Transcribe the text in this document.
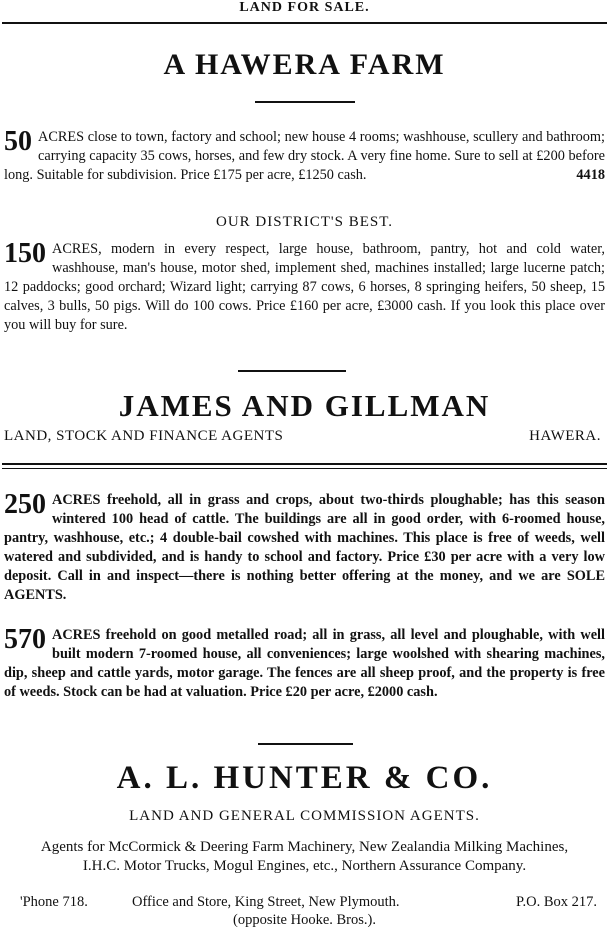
LAND FOR SALE.
A HAWERA FARM
50 ACRES close to town, factory and school; new house 4 rooms; washhouse, scullery and bathroom; carrying capacity 35 cows, horses, and few dry stock. A very fine home. Sure to sell at £200 before long. Suitable for subdivision. Price £175 per acre, £1250 cash.	4418
OUR DISTRICT'S BEST.
150 ACRES, modern in every respect, large house, bathroom, pantry, hot and cold water, washhouse, man's house, motor shed, implement shed, machines installed; large lucerne patch; 12 paddocks; good orchard; Wizard light; carrying 87 cows, 6 horses, 8 springing heifers, 50 sheep, 15 calves, 3 bulls, 50 pigs. Will do 100 cows. Price £160 per acre, £3000 cash. If you look this place over you will buy for sure.
JAMES AND GILLMAN
LAND, STOCK AND FINANCE AGENTS	HAWERA.
250 ACRES freehold, all in grass and crops, about two-thirds ploughable; has this season wintered 100 head of cattle. The buildings are all in good order, with 6-roomed house, pantry, washhouse, etc.; 4 double-bail cowshed with machines. This place is free of weeds, well watered and subdivided, and is handy to school and factory. Price £30 per acre with a very low deposit. Call in and inspect—there is nothing better offering at the money, and we are SOLE AGENTS.
570 ACRES freehold on good metalled road; all in grass, all level and ploughable, with well built modern 7-roomed house, all conveniences; large woolshed with shearing machines, dip, sheep and cattle yards, motor garage. The fences are all sheep proof, and the property is free of weeds. Stock can be had at valuation. Price £20 per acre, £2000 cash.
A. L. HUNTER & CO.
LAND AND GENERAL COMMISSION AGENTS.
Agents for McCormick & Deering Farm Machinery, New Zealandia Milking Machines, I.H.C. Motor Trucks, Mogul Engines, etc., Northern Assurance Company.
'Phone 718.	Office and Store, King Street, New Plymouth.	P.O. Box 217.
(opposite Hooke. Bros.).
